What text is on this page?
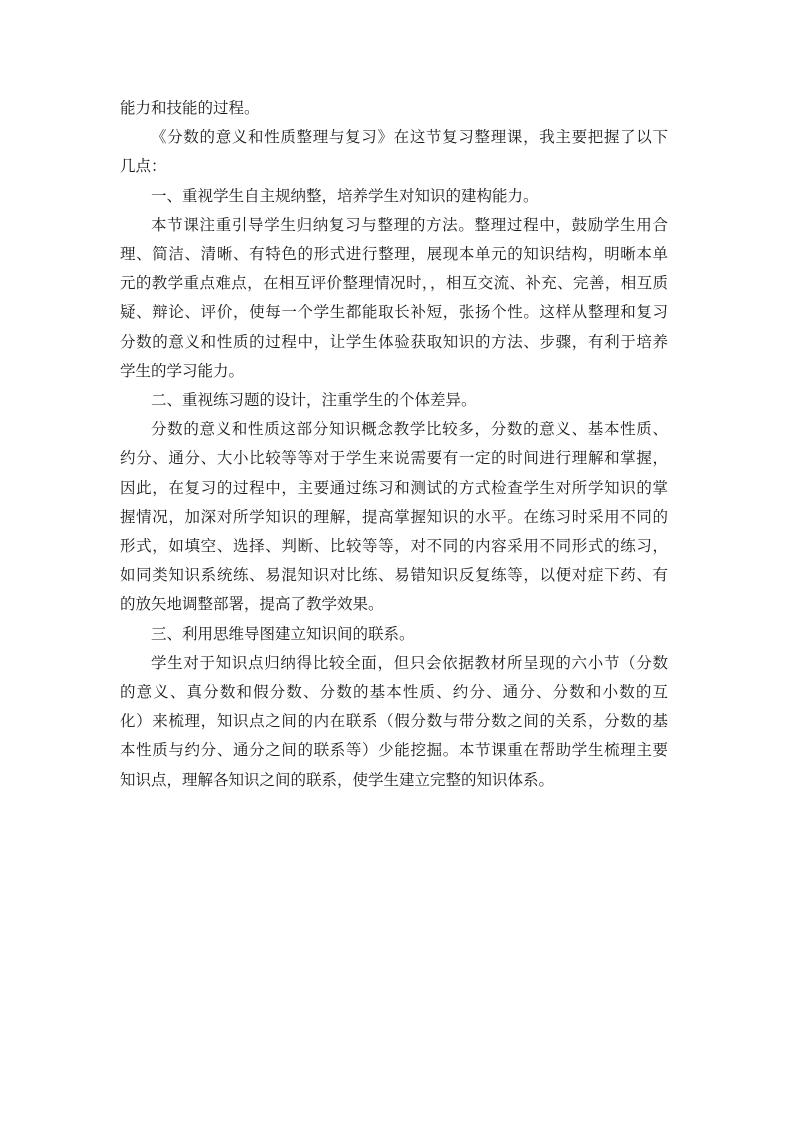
能力和技能的过程。
《分数的意义和性质整理与复习》在这节复习整理课，我主要把握了以下
几点：
一、重视学生自主规纳整，培养学生对知识的建构能力。
本节课注重引导学生归纳复习与整理的方法。整理过程中，鼓励学生用合
理、简洁、清晰、有特色的形式进行整理，展现本单元的知识结构，明晰本单
元的教学重点难点，在相互评价整理情况时，，相互交流、补充、完善，相互质
疑、辩论、评价，使每一个学生都能取长补短，张扬个性。这样从整理和复习
分数的意义和性质的过程中，让学生体验获取知识的方法、步骤，有利于培养
学生的学习能力。
二、重视练习题的设计，注重学生的个体差异。
分数的意义和性质这部分知识概念教学比较多，分数的意义、基本性质、
约分、通分、大小比较等等对于学生来说需要有一定的时间进行理解和掌握，
因此，在复习的过程中，主要通过练习和测试的方式检查学生对所学知识的掌
握情况，加深对所学知识的理解，提高掌握知识的水平。在练习时采用不同的
形式，如填空、选择、判断、比较等等，对不同的内容采用不同形式的练习，
如同类知识系统练、易混知识对比练、易错知识反复练等，以便对症下药、有
的放矢地调整部署，提高了教学效果。
三、利用思维导图建立知识间的联系。
学生对于知识点归纳得比较全面，但只会依据教材所呈现的六小节（分数
的意义、真分数和假分数、分数的基本性质、约分、通分、分数和小数的互
化）来梳理，知识点之间的内在联系（假分数与带分数之间的关系，分数的基
本性质与约分、通分之间的联系等）少能挖掘。本节课重在帮助学生梳理主要
知识点，理解各知识之间的联系，使学生建立完整的知识体系。
